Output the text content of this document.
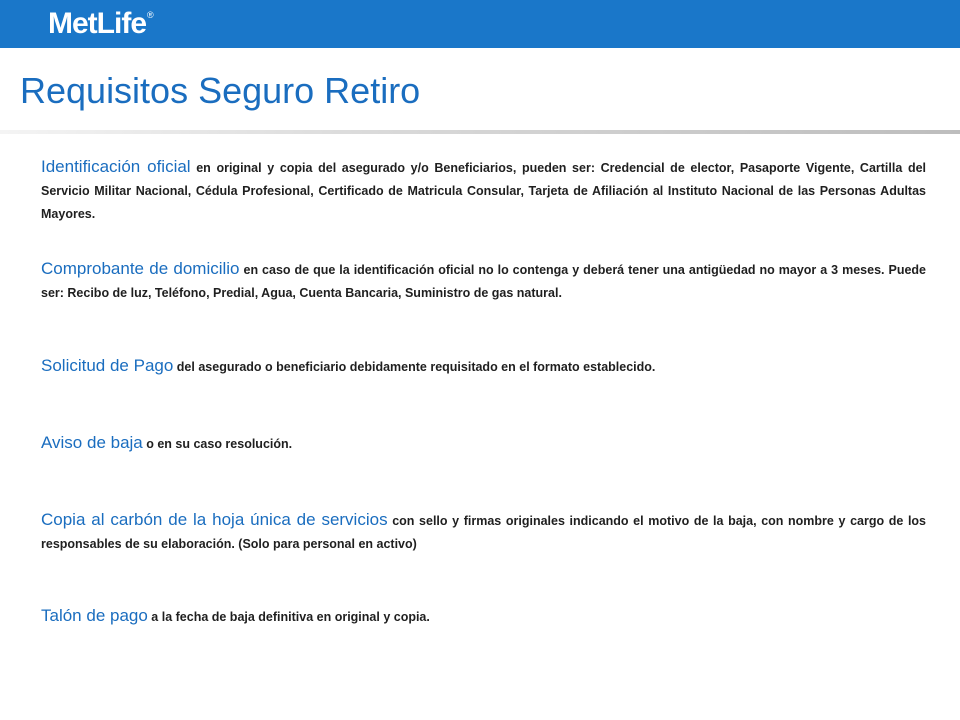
MetLife ®
Requisitos Seguro Retiro

Identificación oficial en original y copia del asegurado y/o Beneficiarios, pueden ser: Credencial de elector, Pasaporte Vigente, Cartilla del Servicio Militar Nacional, Cédula Profesional, Certificado de Matricula Consular, Tarjeta de Afiliación al Instituto Nacional de las Personas Adultas Mayores.

Comprobante de domicilio en caso de que la identificación oficial no lo contenga y deberá tener una antigüedad no mayor a 3 meses. Puede ser: Recibo de luz, Teléfono, Predial, Agua, Cuenta Bancaria, Suministro de gas natural.

Solicitud de Pago del asegurado o beneficiario debidamente requisitado en el formato establecido.

Aviso de baja o en su caso resolución.

Copia al carbón de la hoja única de servicios con sello y firmas originales indicando el motivo de la baja, con nombre y cargo de los responsables de su elaboración. (Solo para personal en activo)

Talón de pago a la fecha de baja definitiva en original y copia.
